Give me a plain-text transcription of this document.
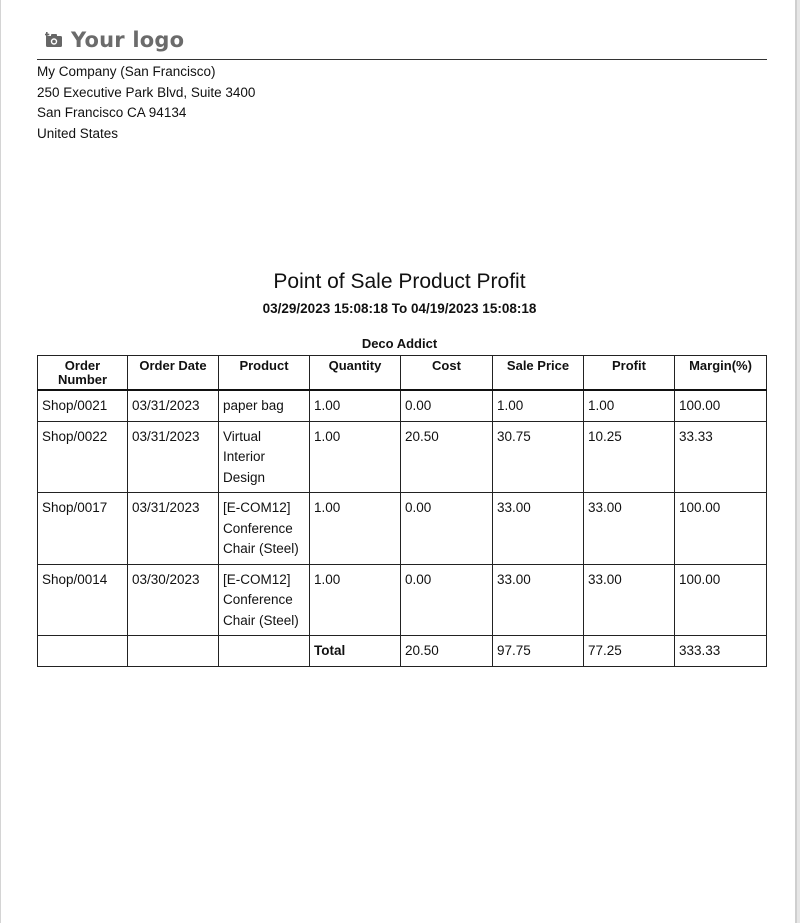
Your logo
My Company (San Francisco)
250 Executive Park Blvd, Suite 3400
San Francisco CA 94134
United States
Point of Sale Product Profit
03/29/2023 15:08:18 To 04/19/2023 15:08:18
Deco Addict
Order Number	Order Date	Product	Quantity	Cost	Sale Price	Profit	Margin(%)
Shop/0021	03/31/2023	paper bag	1.00	0.00	1.00	1.00	100.00
Shop/0022	03/31/2023	Virtual Interior Design	1.00	20.50	30.75	10.25	33.33
Shop/0017	03/31/2023	[E-COM12] Conference Chair (Steel)	1.00	0.00	33.00	33.00	100.00
Shop/0014	03/30/2023	[E-COM12] Conference Chair (Steel)	1.00	0.00	33.00	33.00	100.00
			Total	20.50	97.75	77.25	333.33
